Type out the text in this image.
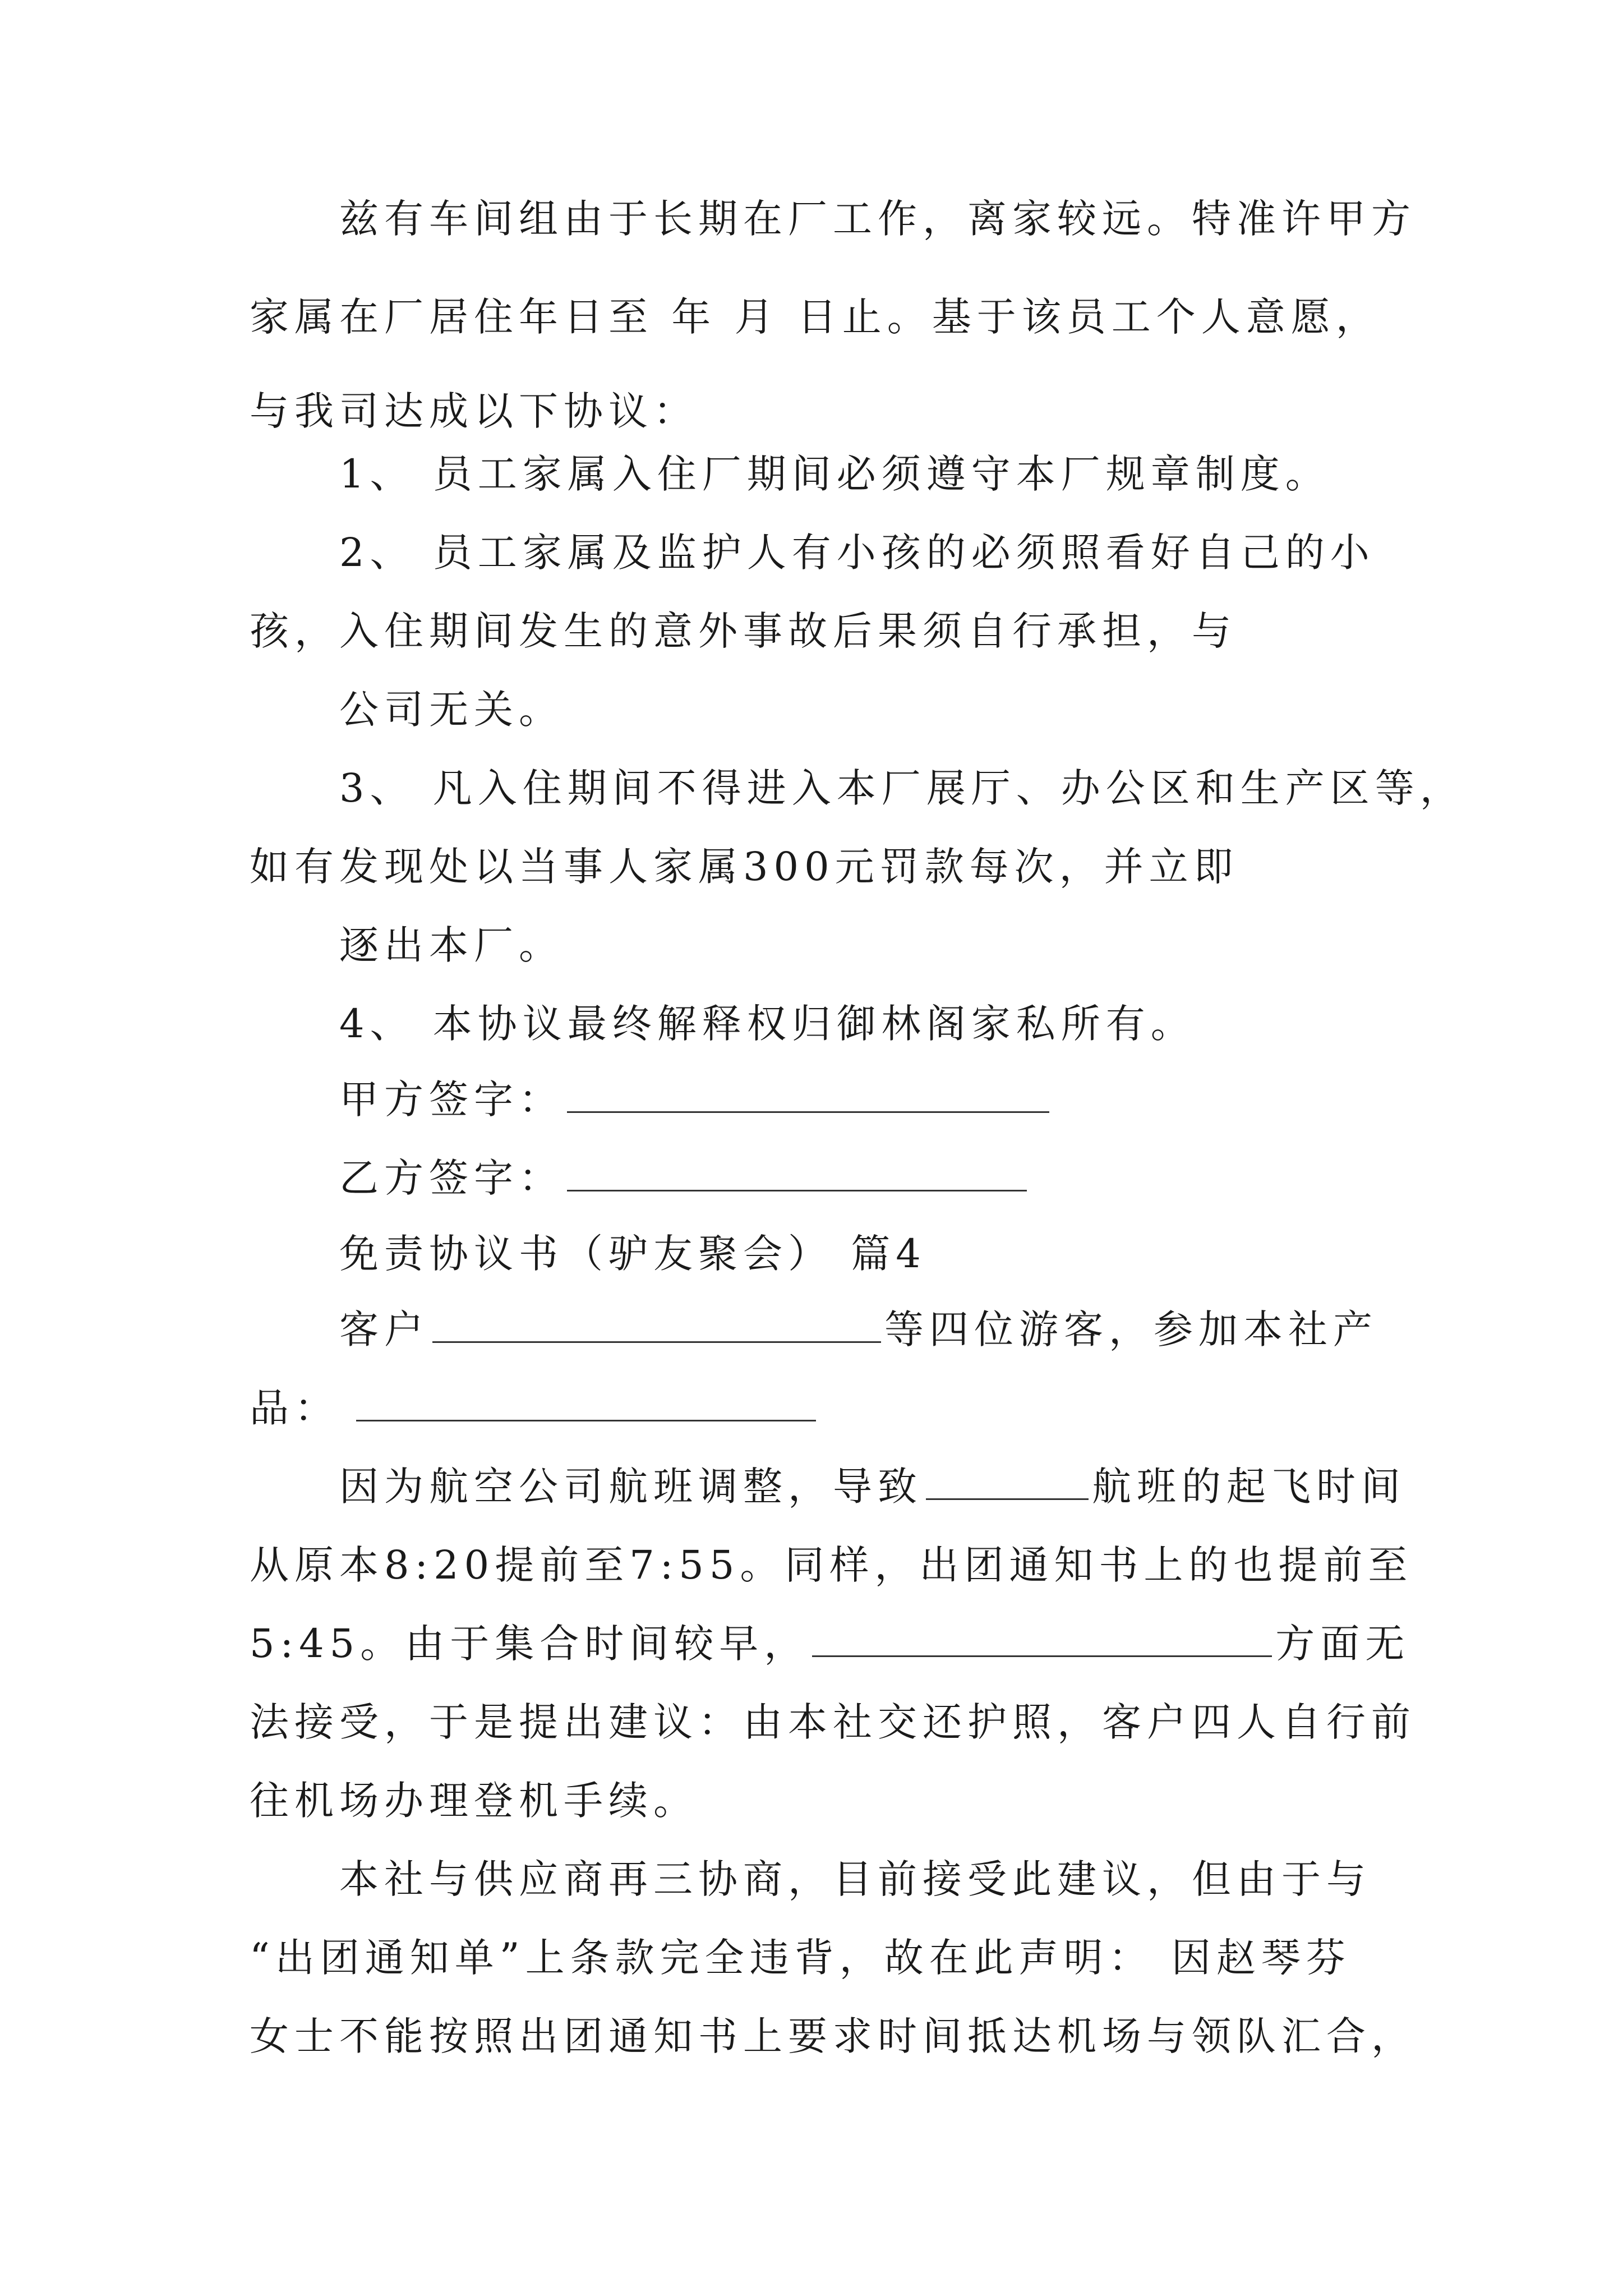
兹有车间组由于长期在厂工作，离家较远。特准许甲方
家属在厂居住年日至 年 月 日止。基于该员工个人意愿，
与我司达成以下协议：
1、 员工家属入住厂期间必须遵守本厂规章制度。
2、 员工家属及监护人有小孩的必须照看好自己的小
孩，入住期间发生的意外事故后果须自行承担，与
公司无关。
3、 凡入住期间不得进入本厂展厅、办公区和生产区等，
如有发现处以当事人家属300元罚款每次，并立即
逐出本厂。
4、 本协议最终解释权归御林阁家私所有。
甲方签字：
乙方签字：
免责协议书（驴友聚会） 篇4
客户	等四位游客，参加本社产
品：
因为航空公司航班调整，导致	航班的起飞时间
从原本8:20提前至7:55。同样，出团通知书上的也提前至
5:45。由于集合时间较早，	方面无
法接受，于是提出建议：由本社交还护照，客户四人自行前
往机场办理登机手续。
本社与供应商再三协商，目前接受此建议，但由于与
“出团通知单”上条款完全违背，故在此声明： 因赵琴芬
女士不能按照出团通知书上要求时间抵达机场与领队汇合，
